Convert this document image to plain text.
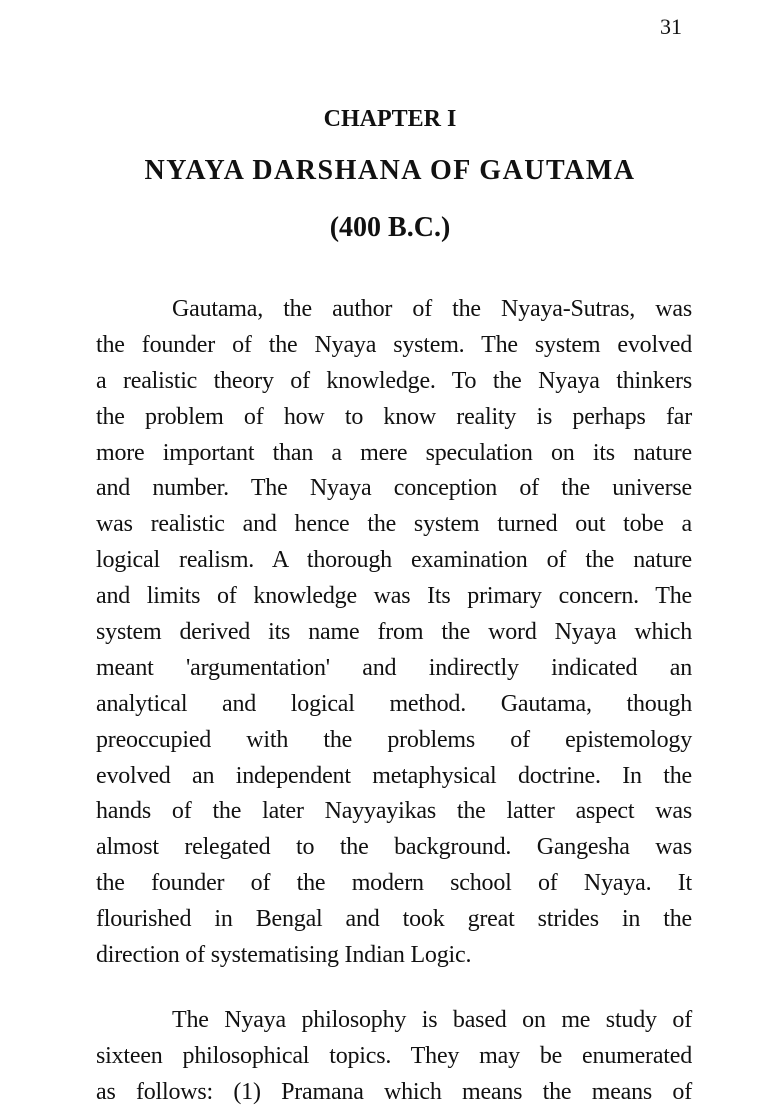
31
CHAPTER I
NYAYA DARSHANA OF GAUTAMA
(400 B.C.)
Gautama, the author of the Nyaya-Sutras, was
the founder of the Nyaya system. The system evolved
a realistic theory of knowledge. To the Nyaya thinkers
the problem of how to know reality is perhaps far
more important than a mere speculation on its nature
and number. The Nyaya conception of the universe
was realistic and hence the system turned out tobe a
logical realism. A thorough examination of the nature
and limits of knowledge was Its primary concern. The
system derived its name from the word Nyaya which
meant 'argumentation' and indirectly indicated an
analytical and logical method. Gautama, though
preoccupied with the problems of epistemology
evolved an independent metaphysical doctrine. In the
hands of the later Nayyayikas the latter aspect was
almost relegated to the background. Gangesha was
the founder of the modern school of Nyaya. It
flourished in Bengal and took great strides in the
direction of systematising Indian Logic.
The Nyaya philosophy is based on me study of
sixteen philosophical topics. They may be enumerated
as follows: (1) Pramana which means the means of
